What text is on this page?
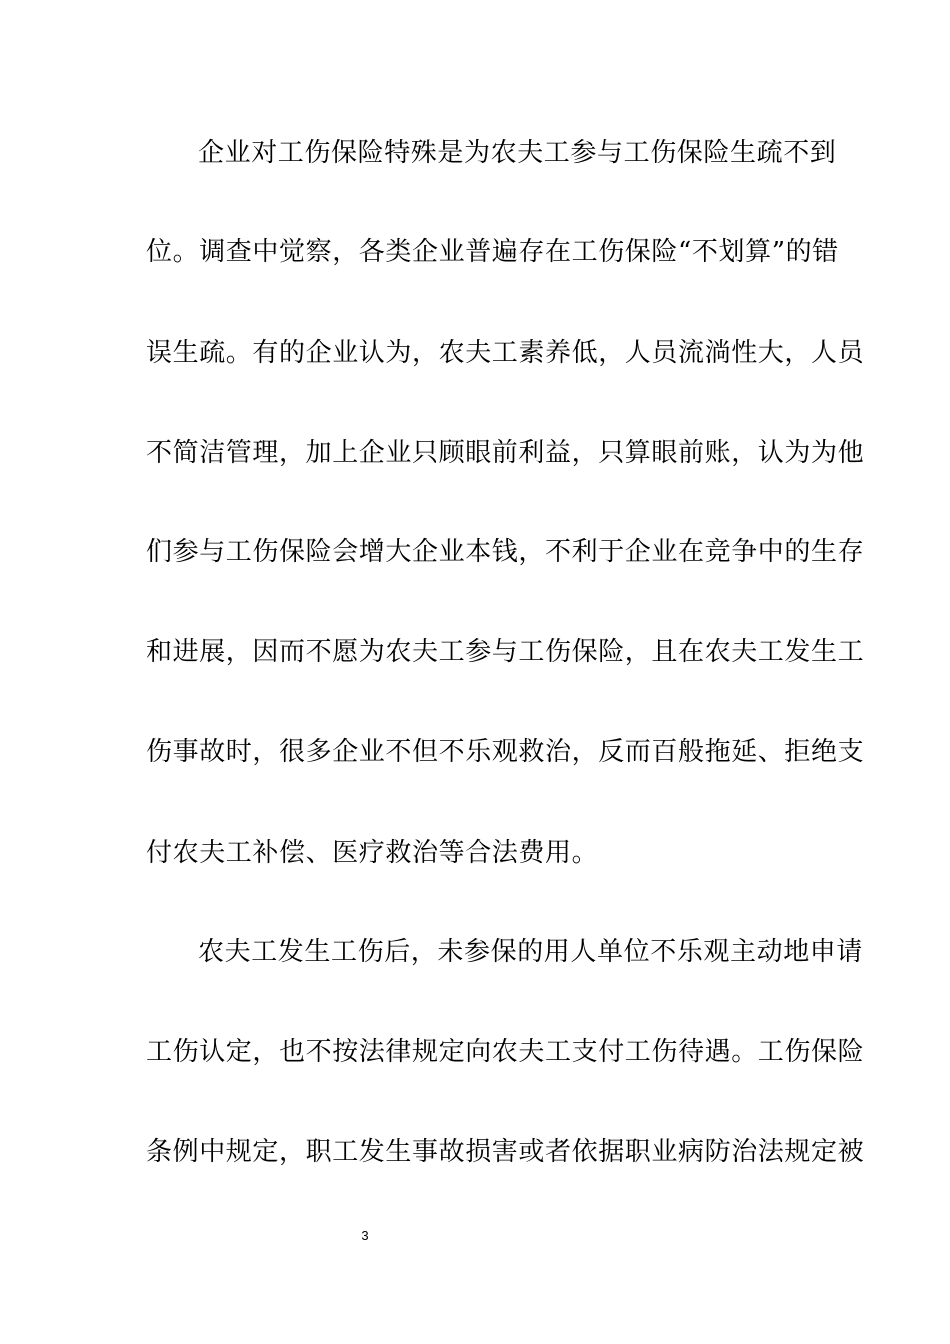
企业对工伤保险特殊是为农夫工参与工伤保险生疏不到
位。调查中觉察，各类企业普遍存在工伤保险“不划算”的错
误生疏。有的企业认为，农夫工素养低，人员流淌性大，人员
不简洁管理，加上企业只顾眼前利益，只算眼前账，认为为他
们参与工伤保险会增大企业本钱，不利于企业在竞争中的生存
和进展，因而不愿为农夫工参与工伤保险，且在农夫工发生工
伤事故时，很多企业不但不乐观救治，反而百般拖延、拒绝支
付农夫工补偿、医疗救治等合法费用。
农夫工发生工伤后，未参保的用人单位不乐观主动地申请
工伤认定，也不按法律规定向农夫工支付工伤待遇。工伤保险
条例中规定，职工发生事故损害或者依据职业病防治法规定被
3
